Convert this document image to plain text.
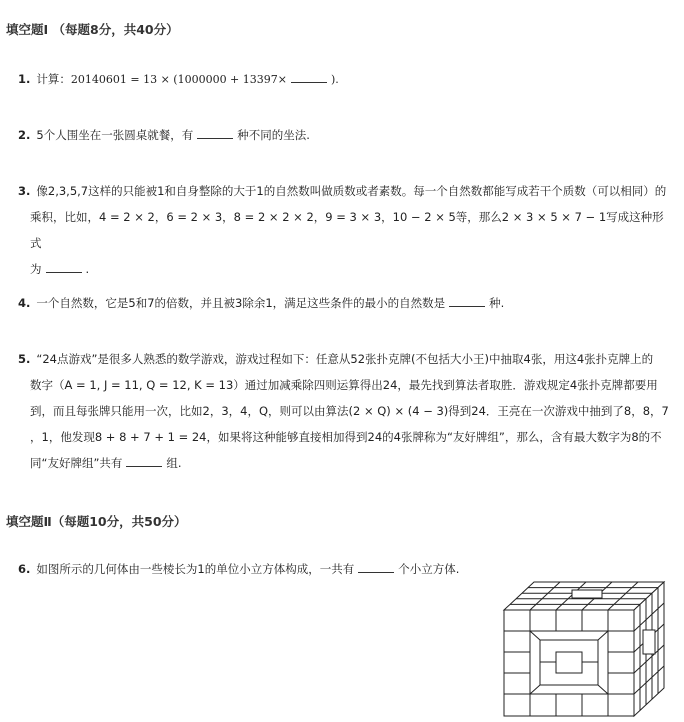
填空题Ⅰ （每题8分，共40分）
1. 计算：20140601 = 13 × (1000000 + 13397×	).
2. 5个人围坐在一张圆桌就餐，有	种不同的坐法.
3. 像2,3,5,7这样的只能被1和自身整除的大于1的自然数叫做质数或者素数。每一个自然数都能写成若干个质数（可以相同）的
乘积，比如，4 = 2 × 2，6 = 2 × 3，8 = 2 × 2 × 2，9 = 3 × 3，10 − 2 × 5等，那么2 × 3 × 5 × 7 − 1写成这种形式
为	.
4. 一个自然数，它是5和7的倍数，并且被3除余1，满足这些条件的最小的自然数是	种.
5. “24点游戏”是很多人熟悉的数学游戏，游戏过程如下：任意从52张扑克牌(不包括大小王)中抽取4张，用这4张扑克牌上的
数字（A = 1, J = 11, Q = 12, K = 13）通过加减乘除四则运算得出24，最先找到算法者取胜．游戏规定4张扑克牌都要用
到，而且每张牌只能用一次，比如2，3，4，Q，则可以由算法(2 × Q) × (4 − 3)得到24．王亮在一次游戏中抽到了8，8，7
，1，他发现8 + 8 + 7 + 1 = 24，如果将这种能够直接相加得到24的4张牌称为“友好牌组”，那么，含有最大数字为8的不
同“友好牌组”共有	组.
填空题Ⅱ（每题10分，共50分）
6. 如图所示的几何体由一些棱长为1的单位小立方体构成，一共有	个小立方体.
